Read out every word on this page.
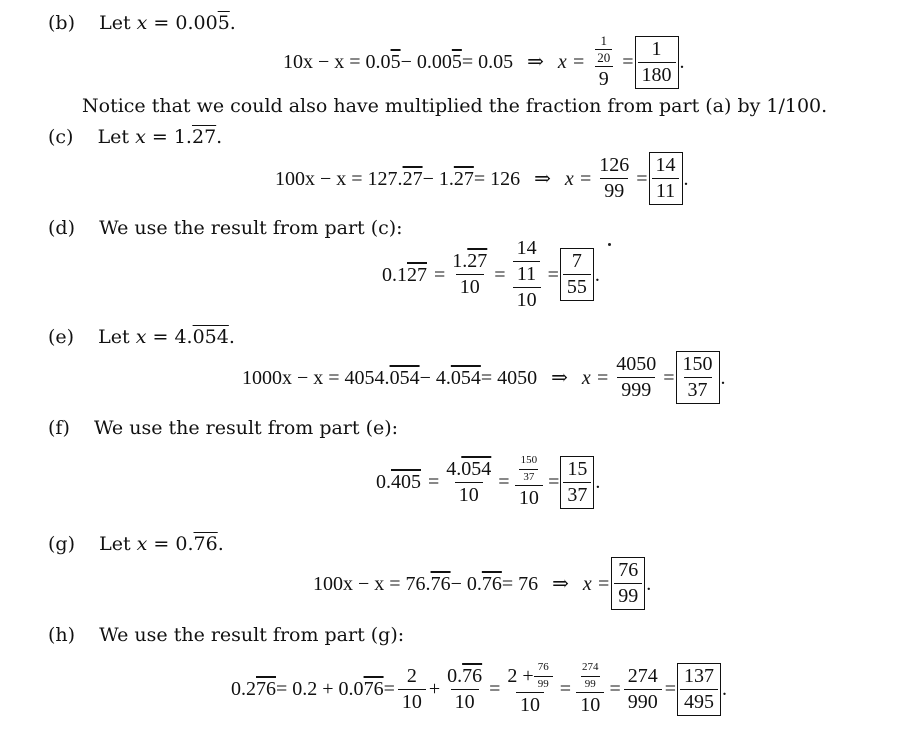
(b) Let x = 0.005.
10x − x = 0.0 5 − 0.00 5 = 0.05 ⇒ $x = \frac{\frac{1}{20}}{9} = \frac{1}{180}$ .
Notice that we could also have multiplied the fraction from part (a) by 1/100.
(c) Let x = 1.27.
100x − x = 127. 27 − 1. 27 = 126 ⇒ $x = \frac{126}{99} = \frac{14}{11}$ .
(d) We use the result from part (c):
0.1 $27 = \frac{1.27}{10} = \frac{\frac{14}{11}}{10} = \frac{7}{55}$ .
(e) Let x = 4.054.
1000x − x = 4054. 054 − 4. 054 = 4050 ⇒ $x = \frac{4050}{999} = \frac{150}{37}$ .
(f) We use the result from part (e):
0. $405 = \frac{4.054}{10} = \frac{\frac{150}{37}}{10} = \frac{15}{37}$ .
(g) Let x = 0.76.
100x − x = 76. 76 − 0. 76 = 76 ⇒ $x = \frac{76}{99}$ .
(h) We use the result from part (g):
0.2 76 = 0.2 + 0.0 $76 = \frac{2}{10} + \frac{0.76}{10} = \frac{2 + \frac{76}{99}}{10} = \frac{\frac{274}{99}}{10} = \frac{274}{990} = \frac{137}{495}$ .
